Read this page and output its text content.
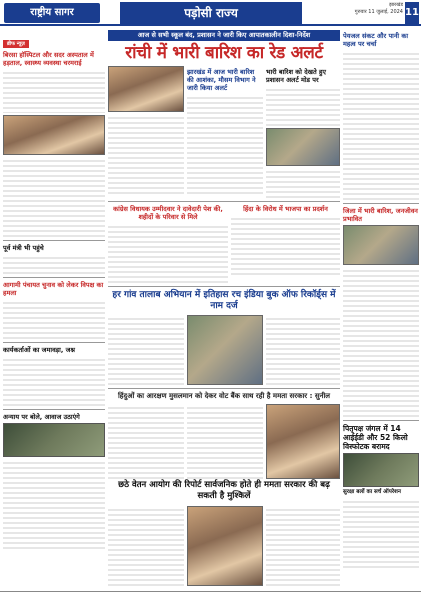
राष्ट्रीय सागर	पड़ोसी राज्य
झारखंड
गुरुवार 11 जुलाई, 2024 11
ब्रीफ न्यूज़
बिरसा हॉस्पिटल और सदर अस्पताल में हड़ताल, स्वास्थ्य व्यवस्था चरमराई
पूर्व मंत्री भी पहुंचे
आगामी पंचायत चुनाव को लेकर विपक्ष का हमला
कार्यकर्ताओं का जमावड़ा, जश्न
अन्याय पर बोले, आवाज उठाएंगे
आज से सभी स्कूल बंद, प्रशासन ने जारी किए आपातकालीन दिशा-निर्देश
रांची में भारी बारिश का रेड अलर्ट
झारखंड में आज भारी बारिश की आशंका, मौसम विभाग ने जारी किया अलर्ट
भारी बारिश को देखते हुए प्रशासन अलर्ट मोड पर
कांग्रेस विधायक उम्मीदवार ने दावेदारी पेश की, शहीदों के परिवार से मिले
हिंदा के विरोध में भाजपा का प्रदर्शन
हर गांव तालाब अभियान में इतिहास रच इंडिया बुक ऑफ रिकॉर्ड्स में नाम दर्ज
हिंदुओं का आरक्षण मुसलमान को देकर वोट बैंक साथ रही है ममता सरकार : सुनील
छठे वेतन आयोग की रिपोर्ट सार्वजनिक होते ही ममता सरकार की बढ़ सकती है मुश्किलें
पेयजल संकट और पानी का महत्व पर चर्चा
जिला में भारी बारिश, जनजीवन प्रभावित
पितृपक्ष जंगल में 14 आईईडी और 52 किलो विस्फोटक बरामद
सुरक्षा बलों का सर्च ऑपरेशन
